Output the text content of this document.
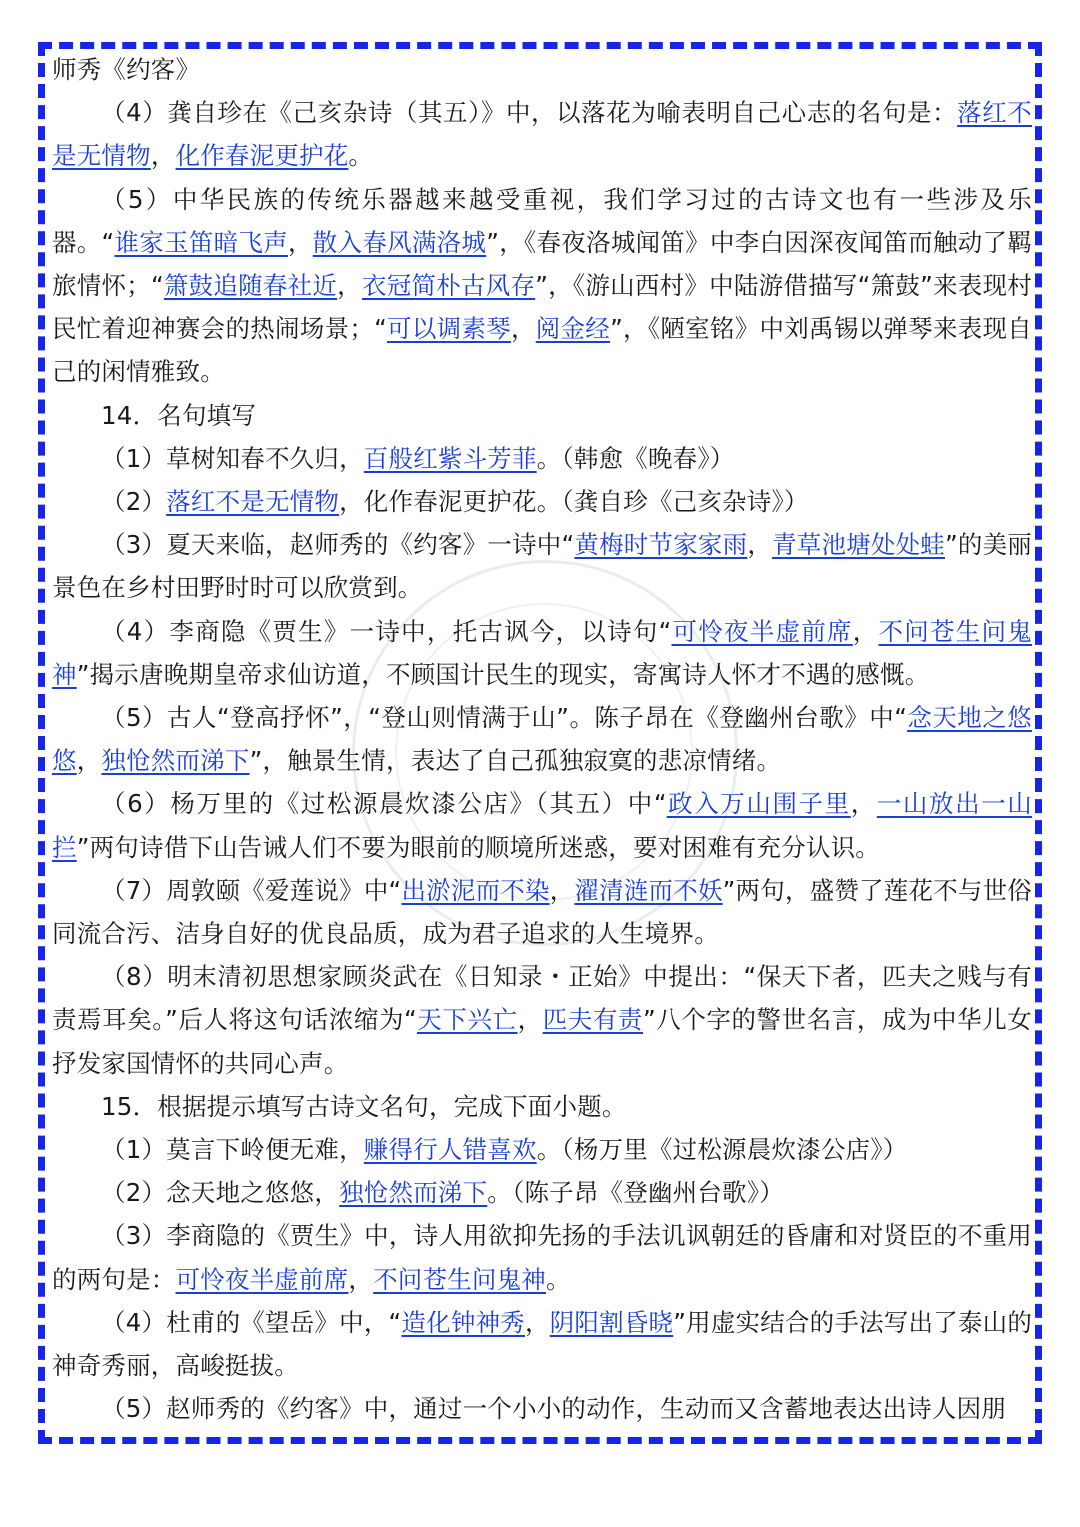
师秀《约客》

（4）龚自珍在《己亥杂诗（其五）》中，以落花为喻表明自己心志的名句是：落红不是无情物，化作春泥更护花。

（5）中华民族的传统乐器越来越受重视，我们学习过的古诗文也有一些涉及乐器。“谁家玉笛暗飞声，散入春风满洛城”，《春夜洛城闻笛》中李白因深夜闻笛而触动了羁旅情怀；“箫鼓追随春社近，衣冠简朴古风存”，《游山西村》中陆游借描写“箫鼓”来表现村民忙着迎神赛会的热闹场景；“可以调素琴，阅金经”，《陋室铭》中刘禹锡以弹琴来表现自己的闲情雅致。

14．名句填写

（1）草树知春不久归，百般红紫斗芳菲。（韩愈《晚春》）

（2）落红不是无情物，化作春泥更护花。（龚自珍《己亥杂诗》）

（3）夏天来临，赵师秀的《约客》一诗中“黄梅时节家家雨，青草池塘处处蛙”的美丽景色在乡村田野时时可以欣赏到。

（4）李商隐《贾生》一诗中，托古讽今，以诗句“可怜夜半虚前席，不问苍生问鬼神”揭示唐晚期皇帝求仙访道，不顾国计民生的现实，寄寓诗人怀才不遇的感慨。

（5）古人“登高抒怀”，“登山则情满于山”。陈子昂在《登幽州台歌》中“念天地之悠悠，独怆然而涕下”，触景生情，表达了自己孤独寂寞的悲凉情绪。

（6）杨万里的《过松源晨炊漆公店》（其五）中“政入万山围子里，一山放出一山拦”两句诗借下山告诫人们不要为眼前的顺境所迷惑，要对困难有充分认识。

（7）周敦颐《爱莲说》中“出淤泥而不染，濯清涟而不妖”两句，盛赞了莲花不与世俗同流合污、洁身自好的优良品质，成为君子追求的人生境界。

（8）明末清初思想家顾炎武在《日知录・正始》中提出：“保天下者，匹夫之贱与有责焉耳矣。”后人将这句话浓缩为“天下兴亡，匹夫有责”八个字的警世名言，成为中华儿女抒发家国情怀的共同心声。

15．根据提示填写古诗文名句，完成下面小题。

（1）莫言下岭便无难，赚得行人错喜欢。（杨万里《过松源晨炊漆公店》）

（2）念天地之悠悠，独怆然而涕下。（陈子昂《登幽州台歌》）

（3）李商隐的《贾生》中，诗人用欲抑先扬的手法讥讽朝廷的昏庸和对贤臣的不重用的两句是：可怜夜半虚前席，不问苍生问鬼神。

（4）杜甫的《望岳》中，“造化钟神秀，阴阳割昏晓”用虚实结合的手法写出了泰山的神奇秀丽，高峻挺拔。

（5）赵师秀的《约客》中，通过一个小小的动作，生动而又含蓄地表达出诗人因朋
